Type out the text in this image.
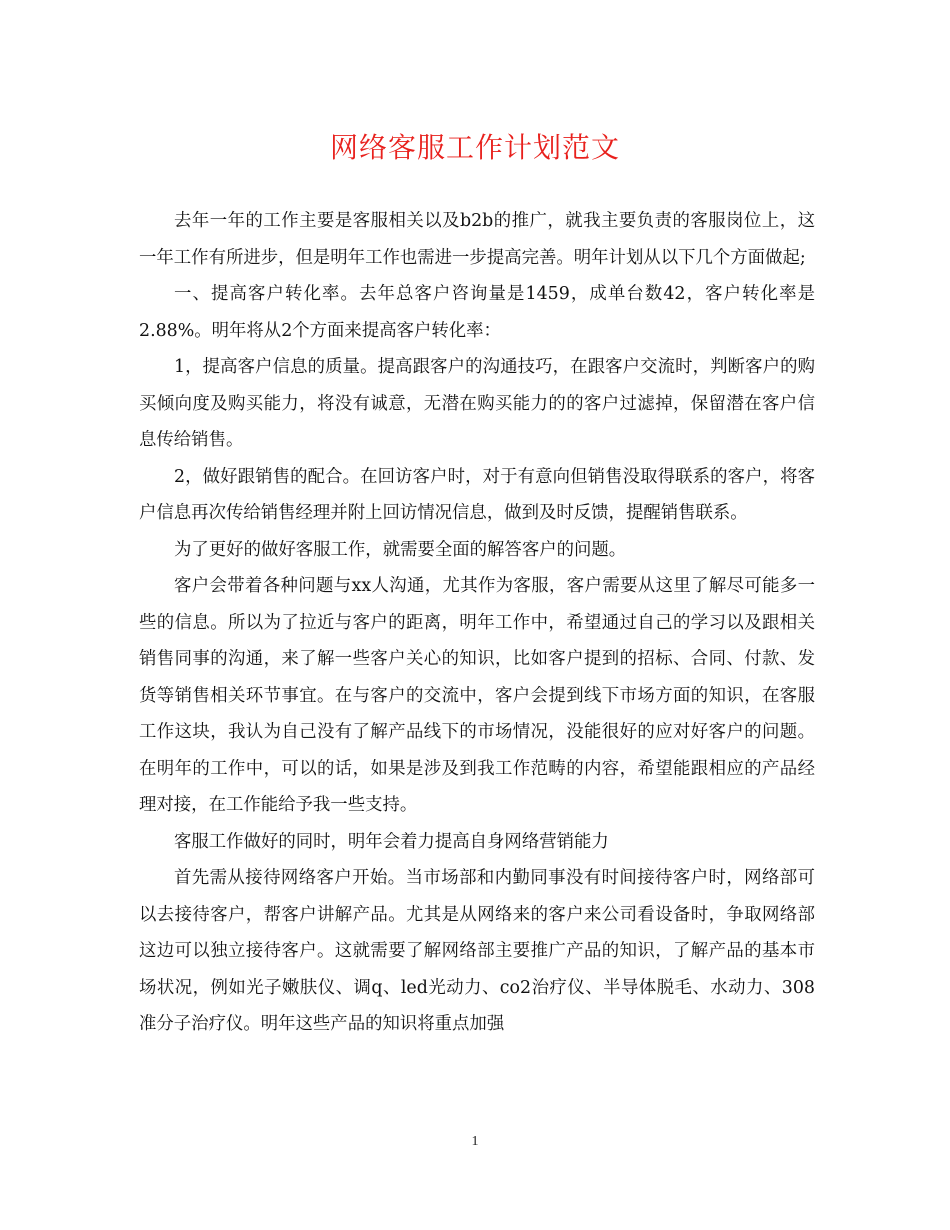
网络客服工作计划范文

去年一年的工作主要是客服相关以及b2b的推广，就我主要负责的客服岗位上，这一年工作有所进步，但是明年工作也需进一步提高完善。明年计划从以下几个方面做起;

一、提高客户转化率。去年总客户咨询量是1459，成单台数42，客户转化率是2.88%。明年将从2个方面来提高客户转化率：

1，提高客户信息的质量。提高跟客户的沟通技巧，在跟客户交流时，判断客户的购买倾向度及购买能力，将没有诚意，无潜在购买能力的的客户过滤掉，保留潜在客户信息传给销售。

2，做好跟销售的配合。在回访客户时，对于有意向但销售没取得联系的客户，将客户信息再次传给销售经理并附上回访情况信息，做到及时反馈，提醒销售联系。

为了更好的做好客服工作，就需要全面的解答客户的问题。

客户会带着各种问题与xx人沟通，尤其作为客服，客户需要从这里了解尽可能多一些的信息。所以为了拉近与客户的距离，明年工作中，希望通过自己的学习以及跟相关销售同事的沟通，来了解一些客户关心的知识，比如客户提到的招标、合同、付款、发货等销售相关环节事宜。在与客户的交流中，客户会提到线下市场方面的知识，在客服工作这块，我认为自己没有了解产品线下的市场情况，没能很好的应对好客户的问题。在明年的工作中，可以的话，如果是涉及到我工作范畴的内容，希望能跟相应的产品经理对接，在工作能给予我一些支持。

客服工作做好的同时，明年会着力提高自身网络营销能力

首先需从接待网络客户开始。当市场部和内勤同事没有时间接待客户时，网络部可以去接待客户，帮客户讲解产品。尤其是从网络来的客户来公司看设备时，争取网络部这边可以独立接待客户。这就需要了解网络部主要推广产品的知识，了解产品的基本市场状况，例如光子嫩肤仪、调q、led光动力、co2治疗仪、半导体脱毛、水动力、308准分子治疗仪。明年这些产品的知识将重点加强

1
